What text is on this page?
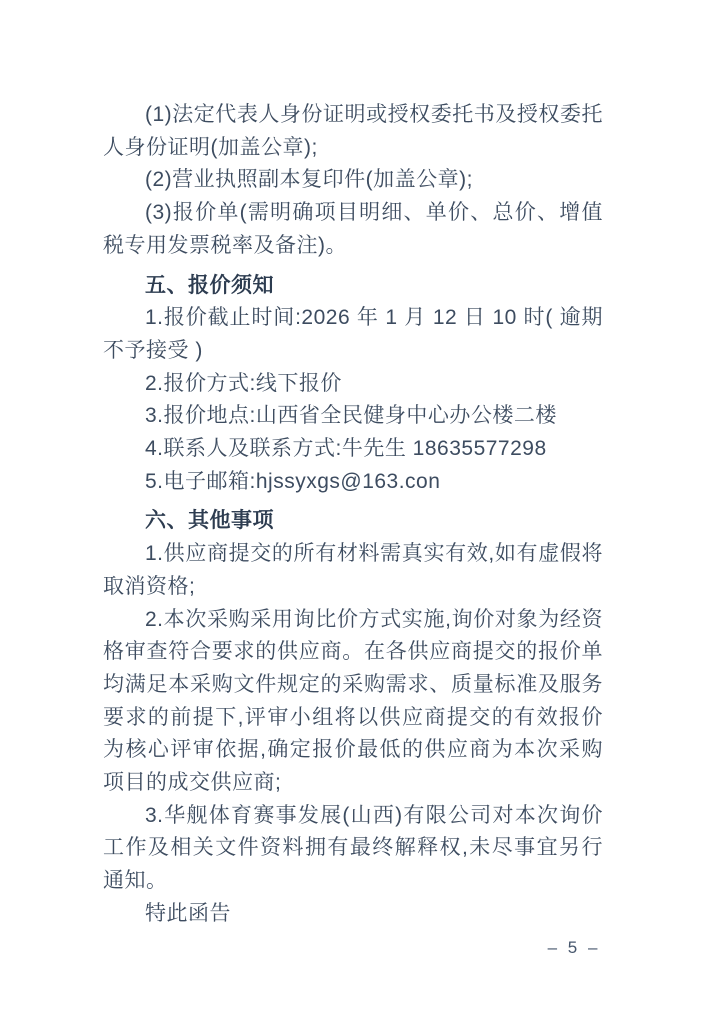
(1)法定代表人身份证明或授权委托书及授权委托人身份证明(加盖公章);

(2)营业执照副本复印件(加盖公章);

(3)报价单(需明确项目明细、单价、总价、增值税专用发票税率及备注)。

五、报价须知

1.报价截止时间:2026 年 1 月 12 日 10 时( 逾期不予接受 )

2.报价方式:线下报价

3.报价地点:山西省全民健身中心办公楼二楼

4.联系人及联系方式:牛先生 18635577298

5.电子邮箱:hjssyxgs@163.con

六、其他事项

1.供应商提交的所有材料需真实有效,如有虚假将取消资格;

2.本次采购采用询比价方式实施,询价对象为经资格审查符合要求的供应商。在各供应商提交的报价单均满足本采购文件规定的采购需求、质量标准及服务要求的前提下,评审小组将以供应商提交的有效报价为核心评审依据,确定报价最低的供应商为本次采购项目的成交供应商;

3.华舰体育赛事发展(山西)有限公司对本次询价工作及相关文件资料拥有最终解释权,未尽事宜另行通知。

特此函告

– 5 –
